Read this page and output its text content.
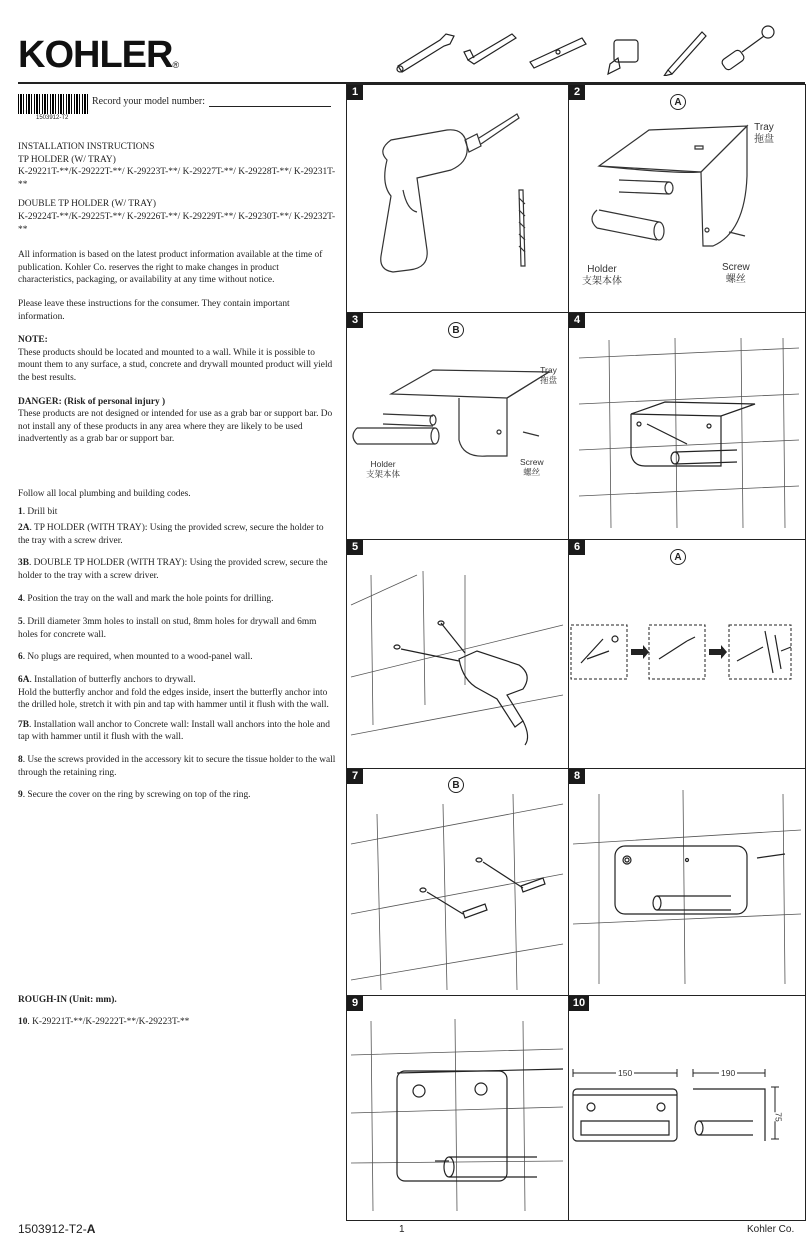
KOHLER®
1503912-T2
Record your model number:

INSTALLATION INSTRUCTIONS

TP HOLDER (W/ TRAY)

K-29221T-**/K-29222T-**/ K-29223T-**/ K-29227T-**/ K-29228T-**/ K-29231T-**

DOUBLE TP HOLDER (W/ TRAY)

K-29224T-**/K-29225T-**/ K-29226T-**/ K-29229T-**/ K-29230T-**/ K-29232T-**

All information is based on the latest product information available at the time of publication. Kohler Co. reserves the right to make changes in product characteristics, packaging, or availability at any time without notice.

Please leave these instructions for the consumer. They contain important information.

NOTE:

These products should be located and mounted to a wall. While it is possible to mount them to any surface, a stud, concrete and drywall mounted product will yield the best results.

DANGER: (Risk of personal injury )

These products are not designed or intended for use as a grab bar or support bar. Do not install any of these products in any area where they are likely to be used inadvertently as a grab bar or support bar.

Follow all local plumbing and building codes.

1. Drill bit

2A. TP HOLDER (WITH TRAY): Using the provided screw, secure the holder to the tray with a screw driver.

3B. DOUBLE TP HOLDER (WITH TRAY): Using the provided screw, secure the holder to the tray with a screw driver.

4. Position the tray on the wall and mark the hole points for drilling.

5. Drill diameter 3mm holes to install on stud, 8mm holes for drywall and 6mm holes for concrete wall.

6. No plugs are required, when mounted to a wood-panel wall.

6A. Installation of butterfly anchors to drywall.

Hold the butterfly anchor and fold the edges inside, insert the butterfly anchor into the drilled hole, stretch it with pin and tap with hammer until it flush with the wall.

7B. Installation wall anchor to Concrete wall: Install wall anchors into the hole and tap with hammer until it flush with the wall.

8. Use the screws provided in the accessory kit to secure the tissue holder to the wall through the retaining ring.

9. Secure the cover on the ring by screwing on top of the ring.

ROUGH-IN (Unit: mm).

10. K-29221T-**/K-29222T-**/K-29223T-**

1	2
A
Tray
拖盘
Holder
支架本体
Screw
螺丝
3
B
Tray
拖盘
Holder
支架本体
Screw
螺丝
4
5	6
A
7
B
8
9	10
150	190
75
1503912-T2-A	1	Kohler Co.
